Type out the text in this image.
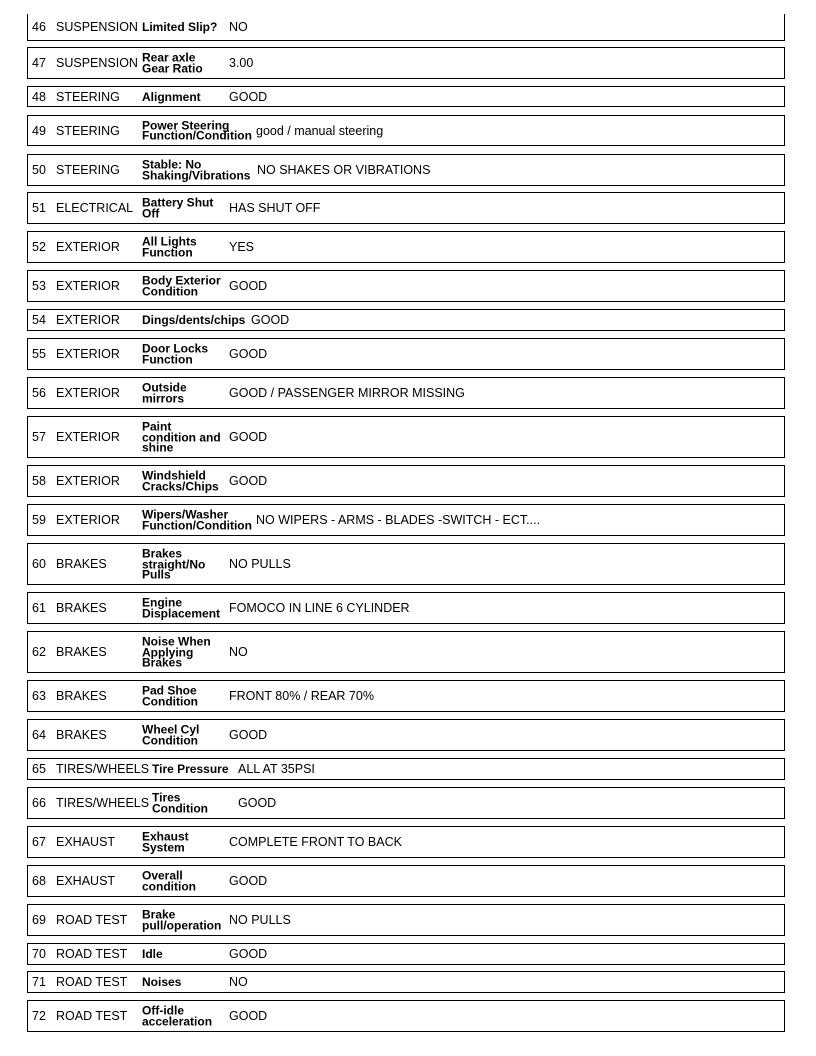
46 SUSPENSION Limited Slip? NO
47 SUSPENSION Rear axle
Gear Ratio 3.00
48 STEERING Alignment GOOD
49 STEERING Power Steering
Function/Condition good / manual steering
50 STEERING Stable: No
Shaking/Vibrations NO SHAKES OR VIBRATIONS
51 ELECTRICAL Battery Shut
Off	HAS SHUT OFF
52 EXTERIOR All Lights
Function	YES
53 EXTERIOR Body Exterior
Condition	GOOD
54 EXTERIOR Dings/dents/chips GOOD
55 EXTERIOR Door Locks
Function	GOOD
56 EXTERIOR Outside
mirrors	GOOD / PASSENGER MIRROR MISSING
57 EXTERIOR
Paint
condition and
shine
GOOD
58 EXTERIOR Windshield
Cracks/Chips GOOD
59 EXTERIOR Wipers/Washer
Function/Condition NO WIPERS - ARMS - BLADES -SWITCH - ECT....
60 BRAKES
Brakes
straight/No
Pulls
NO PULLS
61 BRAKES	Engine
Displacement FOMOCO IN LINE 6 CYLINDER
62 BRAKES
Noise When
Applying
Brakes
NO
63 BRAKES	Pad Shoe
Condition FRONT 80% / REAR 70%
64 BRAKES	Wheel Cyl
Condition GOOD
65 TIRES/WHEELS Tire Pressure ALL AT 35PSI
66 TIRES/WHEELS Tires
Condition GOOD
67 EXHAUST Exhaust
System	COMPLETE FRONT TO BACK
68 EXHAUST Overall
condition	GOOD
69 ROAD TEST Brake
pull/operation NO PULLS
70 ROAD TEST Idle	GOOD
71 ROAD TEST Noises	NO
72 ROAD TEST Off-idle
acceleration GOOD
